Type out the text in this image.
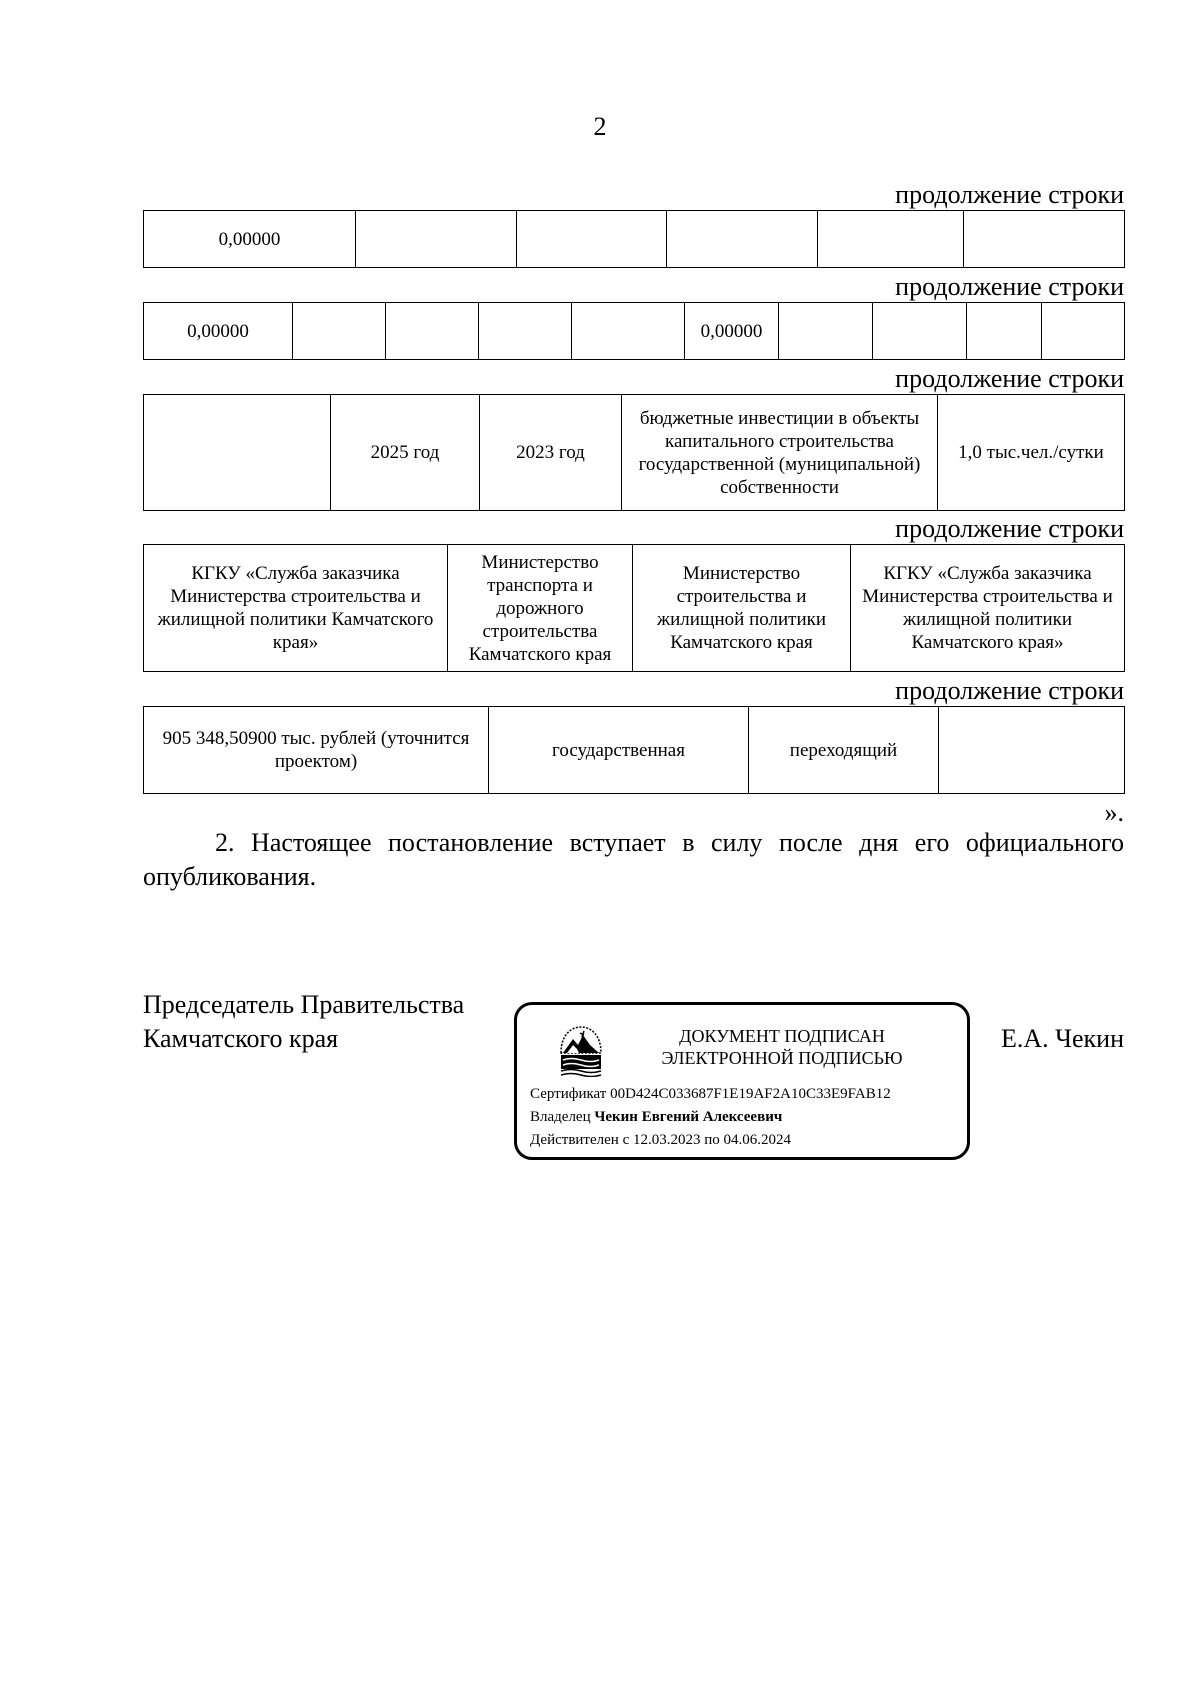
2
продолжение строки
0,00000					
продолжение строки
0,00000					0,00000				
продолжение строки
	2025 год	2023 год	бюджетные инвестиции в объекты капитального строительства государственной (муниципальной) собственности	1,0 тыс.чел./сутки
продолжение строки
КГКУ «Служба заказчика Министерства строительства и жилищной политики Камчатского края»	Министерство транспорта и дорожного строительства Камчатского края	Министерство строительства и жилищной политики Камчатского края	КГКУ «Служба заказчика Министерства строительства и жилищной политики Камчатского края»
продолжение строки
905 348,50900 тыс. рублей (уточнится проектом)	государственная	переходящий	
».

2. Настоящее постановление вступает в силу после дня его официального опубликования.

Председатель Правительства
Камчатского края	Е.А. Чекин
ДОКУМЕНТ ПОДПИСАН
ЭЛЕКТРОННОЙ ПОДПИСЬЮ
Сертификат 00D424C033687F1E19AF2A10C33E9FAB12
Владелец Чекин Евгений Алексеевич
Действителен с 12.03.2023 по 04.06.2024
